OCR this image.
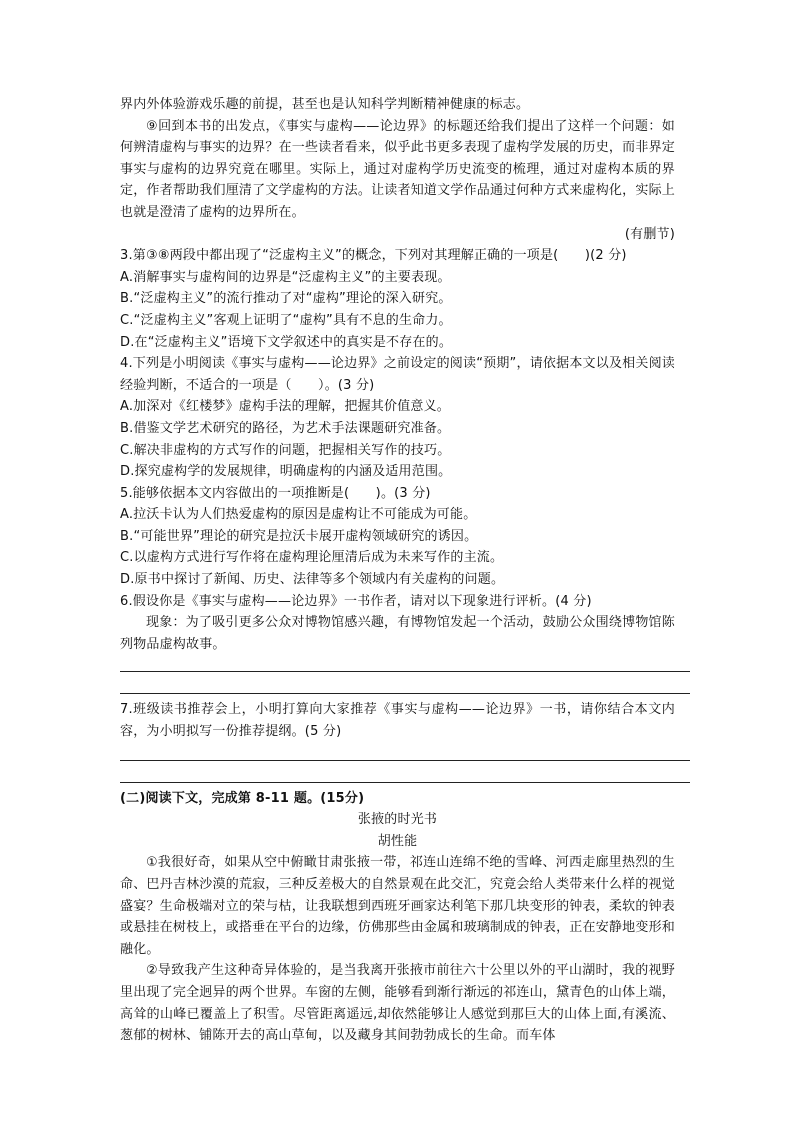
界内外体验游戏乐趣的前提，甚至也是认知科学判断精神健康的标志。

⑨回到本书的出发点，《事实与虚构——论边界》的标题还给我们提出了这样一个问题：如何辨清虚构与事实的边界？在一些读者看来，似乎此书更多表现了虚构学发展的历史，而非界定事实与虚构的边界究竟在哪里。实际上，通过对虚构学历史流变的梳理，通过对虚构本质的界定，作者帮助我们厘清了文学虚构的方法。让读者知道文学作品通过何种方式来虚构化，实际上也就是澄清了虚构的边界所在。

(有删节)

3.第③⑧两段中都出现了“泛虚构主义”的概念，下列对其理解正确的一项是(　　)(2 分)

A.消解事实与虚构间的边界是“泛虚构主义”的主要表现。

B.“泛虚构主义”的流行推动了对“虚构”理论的深入研究。

C.“泛虚构主义”客观上证明了“虚构”具有不息的生命力。

D.在“泛虚构主义”语境下文学叙述中的真实是不存在的。

4.下列是小明阅读《事实与虚构——论边界》之前设定的阅读“预期”，请依据本文以及相关阅读经验判断，不适合的一项是（　　）。(3 分)

A.加深对《红楼梦》虚构手法的理解，把握其价值意义。

B.借鉴文学艺术研究的路径，为艺术手法课题研究准备。

C.解决非虚构的方式写作的问题，把握相关写作的技巧。

D.探究虚构学的发展规律，明确虚构的内涵及适用范围。

5.能够依据本文内容做出的一项推断是(　　)。(3 分)

A.拉沃卡认为人们热爱虚构的原因是虚构让不可能成为可能。

B.“可能世界”理论的研究是拉沃卡展开虚构领域研究的诱因。

C.以虚构方式进行写作将在虚构理论厘清后成为未来写作的主流。

D.原书中探讨了新闻、历史、法律等多个领域内有关虚构的问题。

6.假设你是《事实与虚构——论边界》一书作者，请对以下现象进行评析。(4 分)

现象：为了吸引更多公众对博物馆感兴趣，有博物馆发起一个活动，鼓励公众围绕博物馆陈列物品虚构故事。

7.班级读书推荐会上，小明打算向大家推荐《事实与虚构——论边界》一书，请你结合本文内容，为小明拟写一份推荐提纲。(5 分)

(二)阅读下文，完成第 8-11 题。(15分)

张掖的时光书

胡性能

①我很好奇，如果从空中俯瞰甘肃张掖一带，祁连山连绵不绝的雪峰、河西走廊里热烈的生命、巴丹吉林沙漠的荒寂，三种反差极大的自然景观在此交汇，究竟会给人类带来什么样的视觉盛宴？生命极端对立的荣与枯，让我联想到西班牙画家达利笔下那几块变形的钟表，柔软的钟表或悬挂在树枝上，或搭垂在平台的边缘，仿佛那些由金属和玻璃制成的钟表，正在安静地变形和融化。

②导致我产生这种奇异体验的，是当我离开张掖市前往六十公里以外的平山湖时，我的视野里出现了完全迥异的两个世界。车窗的左侧，能够看到渐行渐远的祁连山，黛青色的山体上端，高耸的山峰已覆盖上了积雪。尽管距离遥远,却依然能够让人感觉到那巨大的山体上面,有溪流、葱郁的树林、铺陈开去的高山草甸，以及藏身其间勃勃成长的生命。而车体
